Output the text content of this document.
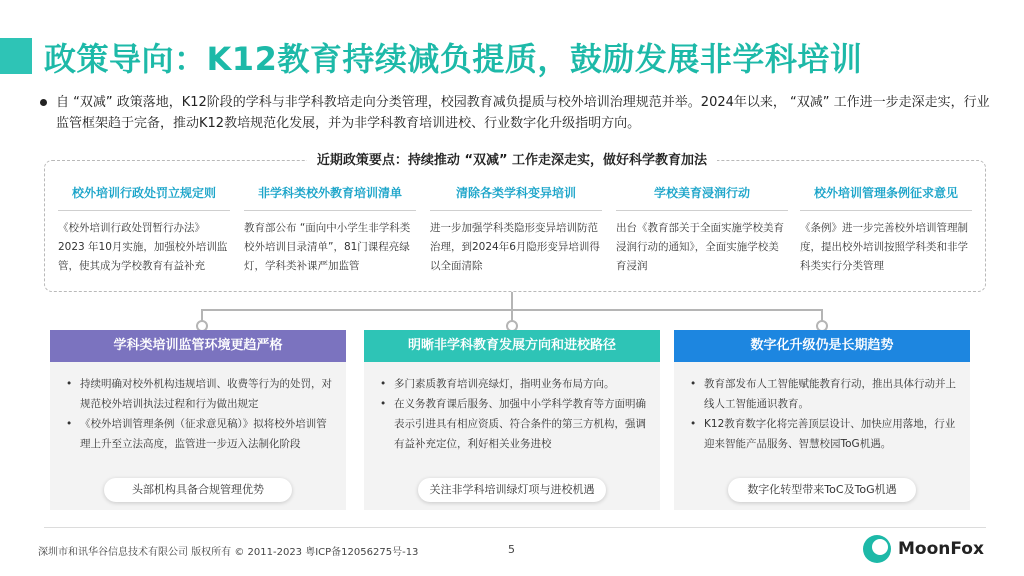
政策导向：K12教育持续减负提质，鼓励发展非学科培训
自 “双减” 政策落地，K12阶段的学科与非学科教培走向分类管理，校园教育减负提质与校外培训治理规范并举。2024年以来， “双减” 工作进一步走深走实，行业监管框架趋于完备，推动K12教培规范化发展，并为非学科教育培训进校、行业数字化升级指明方向。
近期政策要点：持续推动 “双减” 工作走深走实，做好科学教育加法
校外培训行政处罚立规定则
《校外培训行政处罚暂行办法》2023 年10月实施，加强校外培训监管，使其成为学校教育有益补充
非学科类校外教育培训清单
教育部公布 “面向中小学生非学科类校外培训目录清单”，81门课程亮绿灯，学科类补课严加监管
清除各类学科变异培训
进一步加强学科类隐形变异培训防范治理，到2024年6月隐形变异培训得以全面清除
学校美育浸润行动
出台《教育部关于全面实施学校美育浸润行动的通知》，全面实施学校美育浸润
校外培训管理条例征求意见
《条例》进一步完善校外培训管理制度，提出校外培训按照学科类和非学科类实行分类管理
学科类培训监管环境更趋严格
• 持续明确对校外机构违规培训、收费等行为的处罚，对规范校外培训执法过程和行为做出规定
• 《校外培训管理条例（征求意见稿）》拟将校外培训管理上升至立法高度，监管进一步迈入法制化阶段
头部机构具备合规管理优势
明晰非学科教育发展方向和进校路径
• 多门素质教育培训亮绿灯，指明业务布局方向。
• 在义务教育课后服务、加强中小学科学教育等方面明确表示引进具有相应资质、符合条件的第三方机构，强调有益补充定位，利好相关业务进校
关注非学科培训绿灯项与进校机遇
数字化升级仍是长期趋势
• 教育部发布人工智能赋能教育行动，推出具体行动并上线人工智能通识教育。
• K12教育数字化将完善顶层设计、加快应用落地，行业迎来智能产品服务、智慧校园ToG机遇。
数字化转型带来ToC及ToG机遇
深圳市和讯华谷信息技术有限公司 版权所有 © 2011-2023 粤ICP备12056275号-13	5	MoonFox
